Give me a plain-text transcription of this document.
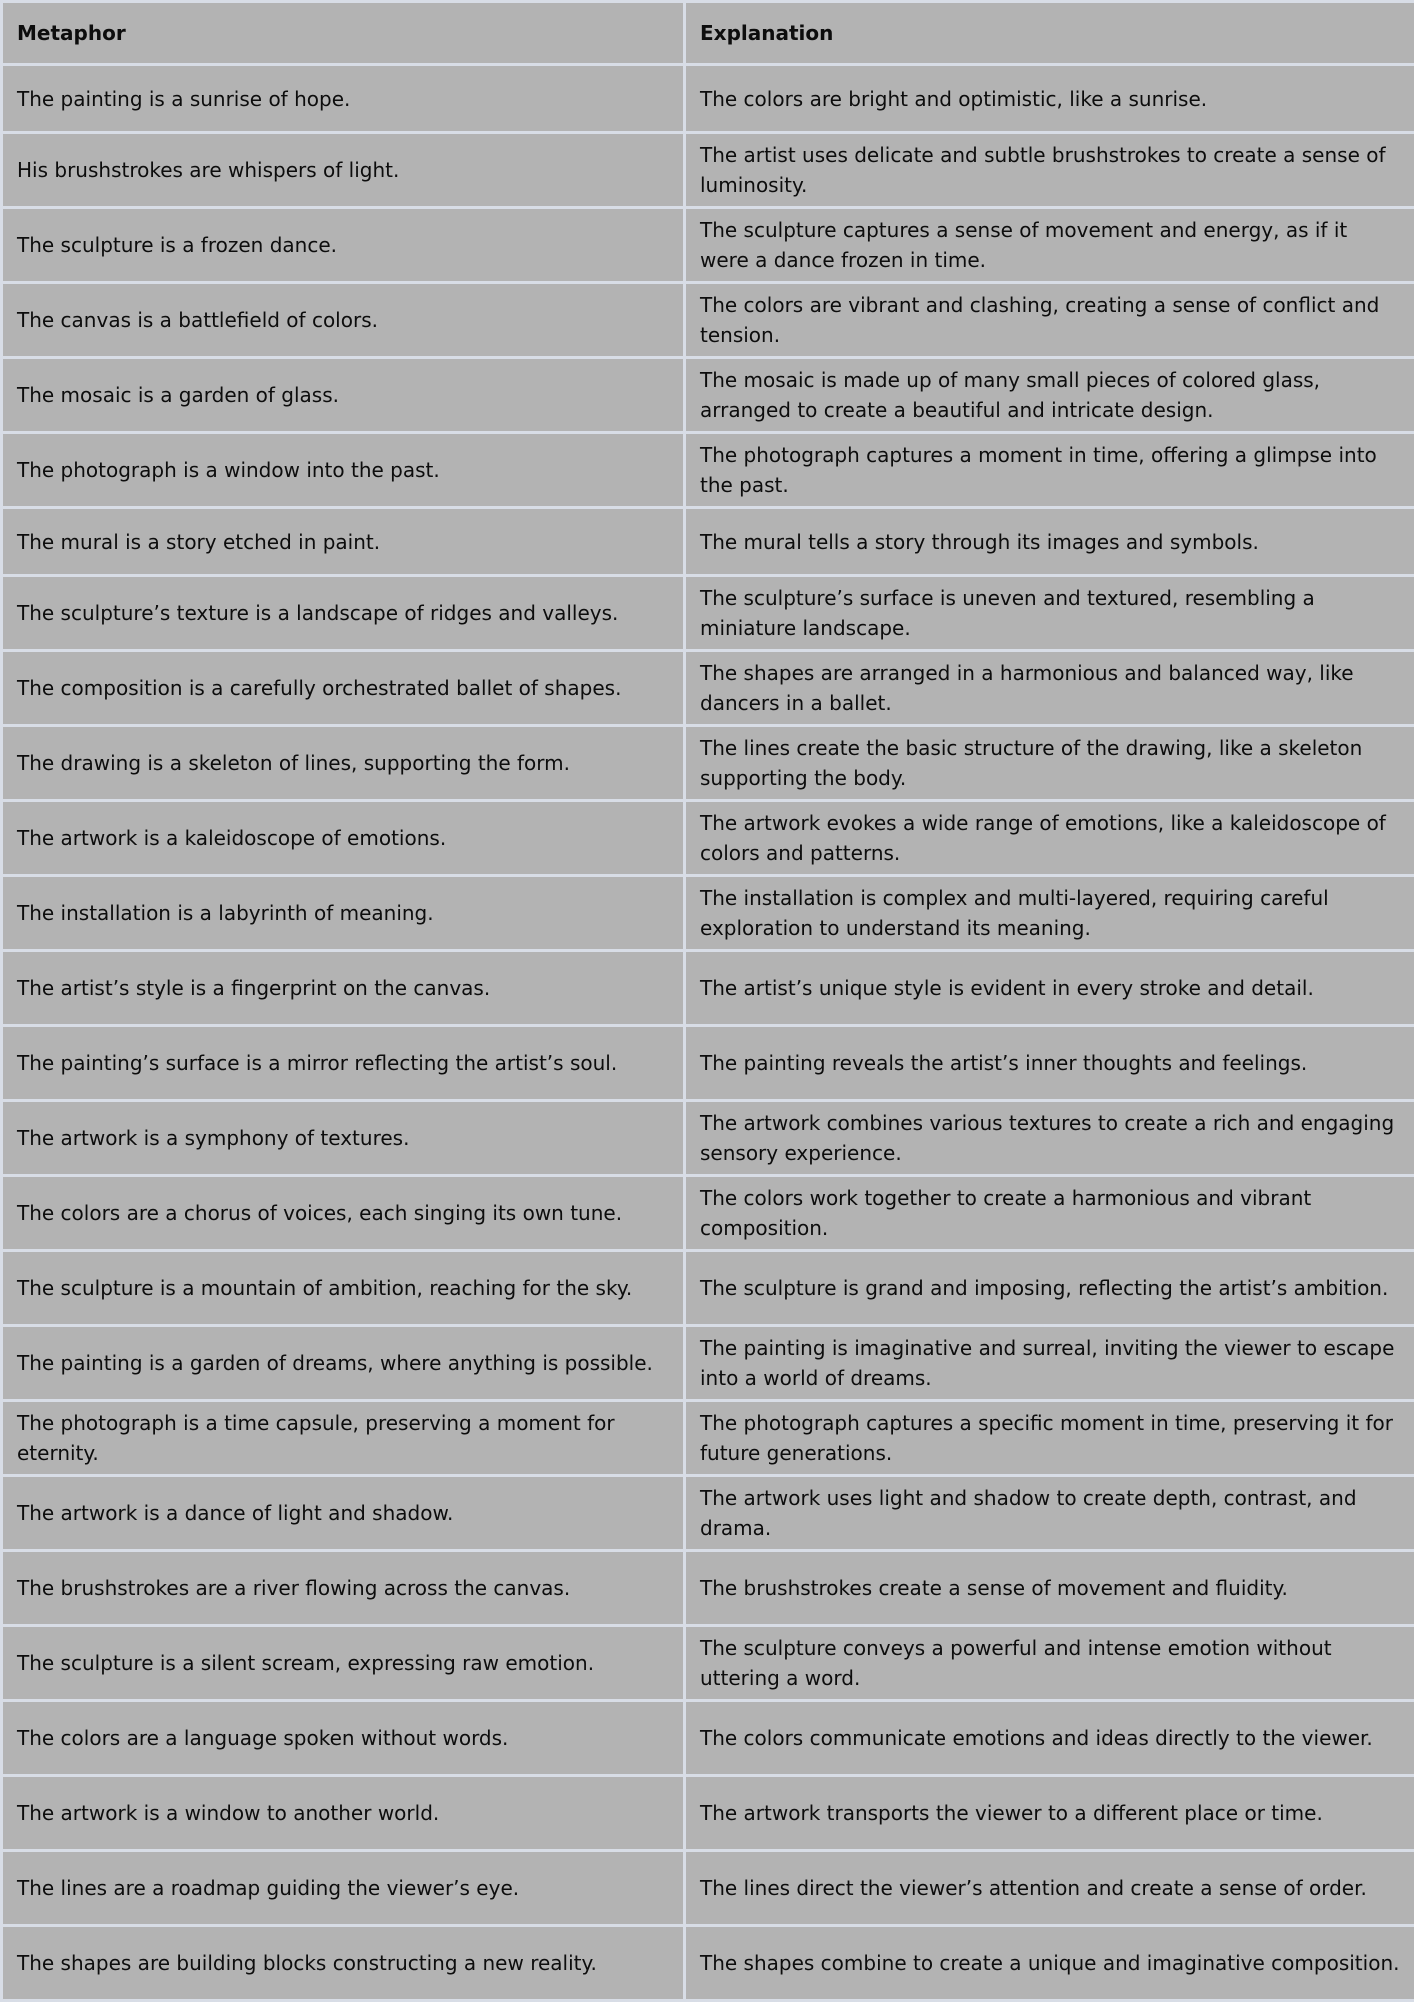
Metaphor	Explanation
The painting is a sunrise of hope.	The colors are bright and optimistic, like a sunrise.
His brushstrokes are whispers of light.	The artist uses delicate and subtle brushstrokes to create a sense of luminosity.
The sculpture is a frozen dance.	The sculpture captures a sense of movement and energy, as if it were a dance frozen in time.
The canvas is a battlefield of colors.	The colors are vibrant and clashing, creating a sense of conflict and tension.
The mosaic is a garden of glass.	The mosaic is made up of many small pieces of colored glass, arranged to create a beautiful and intricate design.
The photograph is a window into the past.	The photograph captures a moment in time, offering a glimpse into the past.
The mural is a story etched in paint.	The mural tells a story through its images and symbols.
The sculpture’s texture is a landscape of ridges and valleys.	The sculpture’s surface is uneven and textured, resembling a miniature landscape.
The composition is a carefully orchestrated ballet of shapes.	The shapes are arranged in a harmonious and balanced way, like dancers in a ballet.
The drawing is a skeleton of lines, supporting the form.	The lines create the basic structure of the drawing, like a skeleton supporting the body.
The artwork is a kaleidoscope of emotions.	The artwork evokes a wide range of emotions, like a kaleidoscope of colors and patterns.
The installation is a labyrinth of meaning.	The installation is complex and multi-layered, requiring careful exploration to understand its meaning.
The artist’s style is a fingerprint on the canvas.	The artist’s unique style is evident in every stroke and detail.
The painting’s surface is a mirror reflecting the artist’s soul.	The painting reveals the artist’s inner thoughts and feelings.
The artwork is a symphony of textures.	The artwork combines various textures to create a rich and engaging sensory experience.
The colors are a chorus of voices, each singing its own tune.	The colors work together to create a harmonious and vibrant composition.
The sculpture is a mountain of ambition, reaching for the sky.	The sculpture is grand and imposing, reflecting the artist’s ambition.
The painting is a garden of dreams, where anything is possible.	The painting is imaginative and surreal, inviting the viewer to escape into a world of dreams.
The photograph is a time capsule, preserving a moment for eternity.	The photograph captures a specific moment in time, preserving it for future generations.
The artwork is a dance of light and shadow.	The artwork uses light and shadow to create depth, contrast, and drama.
The brushstrokes are a river flowing across the canvas.	The brushstrokes create a sense of movement and fluidity.
The sculpture is a silent scream, expressing raw emotion.	The sculpture conveys a powerful and intense emotion without uttering a word.
The colors are a language spoken without words.	The colors communicate emotions and ideas directly to the viewer.
The artwork is a window to another world.	The artwork transports the viewer to a different place or time.
The lines are a roadmap guiding the viewer’s eye.	The lines direct the viewer’s attention and create a sense of order.
The shapes are building blocks constructing a new reality.	The shapes combine to create a unique and imaginative composition.
